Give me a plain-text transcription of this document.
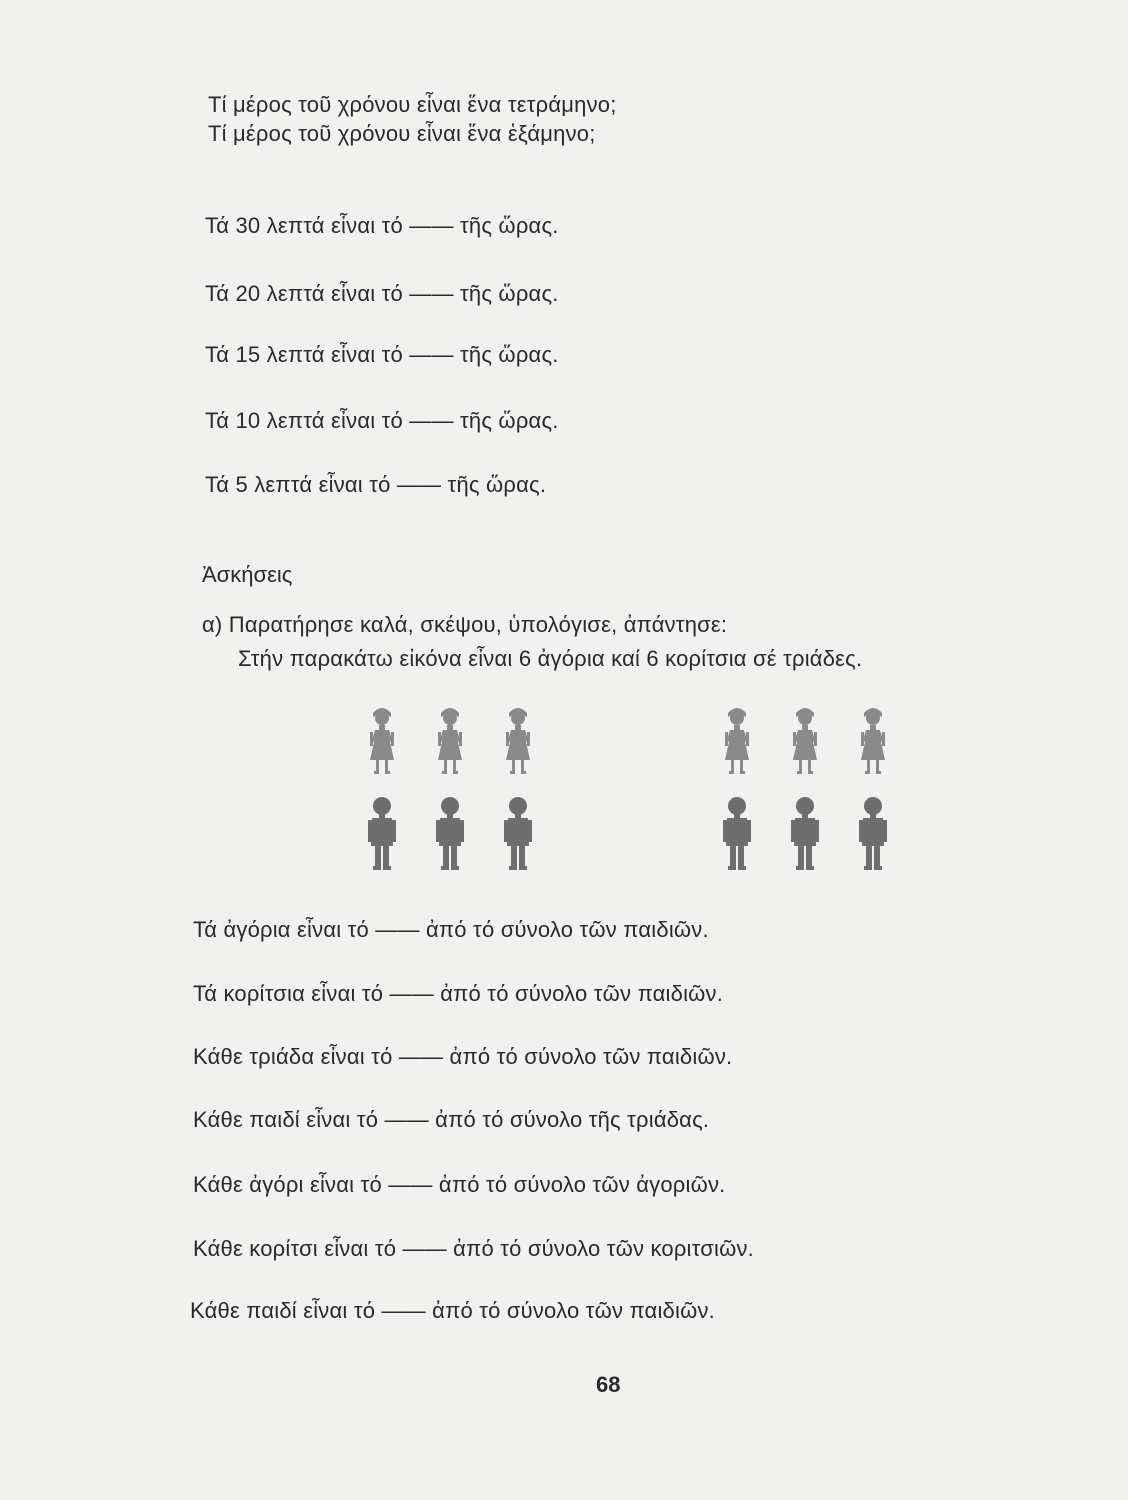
Τί μέρος τοῦ χρόνου εἶναι ἕνα τετράμηνο;
Τί μέρος τοῦ χρόνου εἶναι ἕνα ἑξάμηνο;
Τά 30 λεπτά εἶναι τό —— τῆς ὥρας.
Τά 20 λεπτά εἶναι τό —— τῆς ὥρας.
Τά 15 λεπτά εἶναι τό —— τῆς ὥρας.
Τά 10 λεπτά εἶναι τό —— τῆς ὥρας.
Τά 5 λεπτά εἶναι τό —— τῆς ὥρας.
Ἀσκήσεις
α) Παρατήρησε καλά, σκέψου, ὑπολόγισε, ἀπάντησε:
Στήν παρακάτω εἰκόνα εἶναι 6 ἀγόρια καί 6 κορίτσια σέ τριάδες.
Τά ἀγόρια εἶναι τό —— ἀπό τό σύνολο τῶν παιδιῶν.
Τά κορίτσια εἶναι τό —— ἀπό τό σύνολο τῶν παιδιῶν.
Κάθε τριάδα εἶναι τό —— ἀπό τό σύνολο τῶν παιδιῶν.
Κάθε παιδί εἶναι τό —— ἀπό τό σύνολο τῆς τριάδας.
Κάθε ἀγόρι εἶναι τό —— ἀπό τό σύνολο τῶν ἀγοριῶν.
Κάθε κορίτσι εἶναι τό —— ἀπό τό σύνολο τῶν κοριτσιῶν.
Κάθε παιδί εἶναι τό —— ἀπό τό σύνολο τῶν παιδιῶν.
68
